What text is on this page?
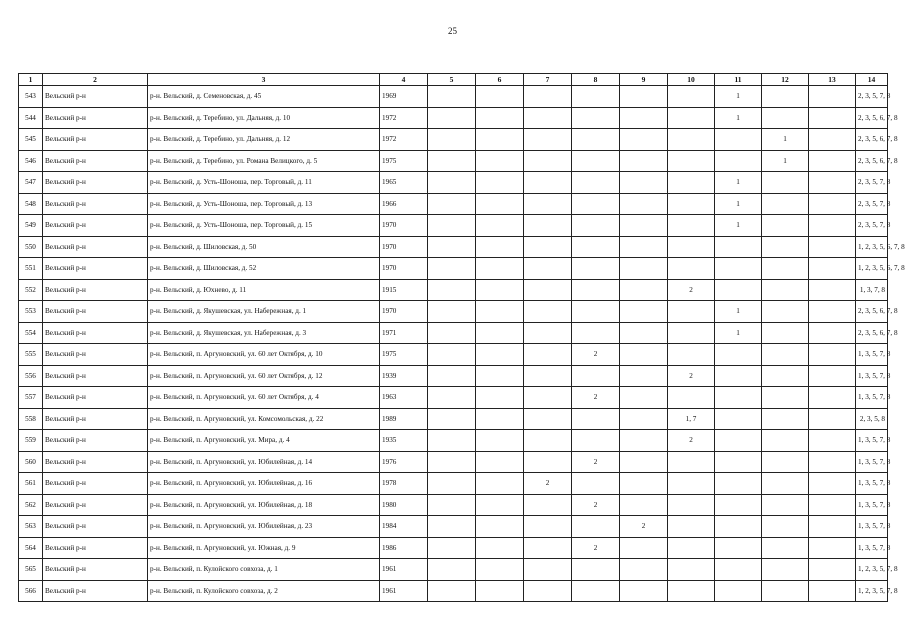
25
1	2	3	4	5	6	7	8	9	10	11	12	13	14
543	Вельский р-н	р-н. Вельский, д. Семеновская, д. 45	1969							1			2, 3, 5, 7, 8
544	Вельский р-н	р-н. Вельский, д. Теребино, ул. Дальняя, д. 10	1972							1			2, 3, 5, 6, 7, 8
545	Вельский р-н	р-н. Вельский, д. Теребино, ул. Дальняя, д. 12	1972								1		2, 3, 5, 6, 7, 8
546	Вельский р-н	р-н. Вельский, д. Теребино, ул. Романа Велицкого, д. 5	1975								1		2, 3, 5, 6, 7, 8
547	Вельский р-н	р-н. Вельский, д. Усть-Шоноша, пер. Торговый, д. 11	1965							1			2, 3, 5, 7, 8
548	Вельский р-н	р-н. Вельский, д. Усть-Шоноша, пер. Торговый, д. 13	1966							1			2, 3, 5, 7, 8
549	Вельский р-н	р-н. Вельский, д. Усть-Шоноша, пер. Торговый, д. 15	1970							1			2, 3, 5, 7, 8
550	Вельский р-н	р-н. Вельский, д. Шиловская, д. 50	1970										1, 2, 3, 5, 6, 7, 8
551	Вельский р-н	р-н. Вельский, д. Шиловская, д. 52	1970										1, 2, 3, 5, 6, 7, 8
552	Вельский р-н	р-н. Вельский, д. Юхнево, д. 11	1915						2				1, 3, 7, 8
553	Вельский р-н	р-н. Вельский, д. Якушевская, ул. Набережная, д. 1	1970							1			2, 3, 5, 6, 7, 8
554	Вельский р-н	р-н. Вельский, д. Якушевская, ул. Набережная, д. 3	1971							1			2, 3, 5, 6, 7, 8
555	Вельский р-н	р-н. Вельский, п. Аргуновский, ул. 60 лет Октября, д. 10	1975				2						1, 3, 5, 7, 8
556	Вельский р-н	р-н. Вельский, п. Аргуновский, ул. 60 лет Октября, д. 12	1939						2				1, 3, 5, 7, 8
557	Вельский р-н	р-н. Вельский, п. Аргуновский, ул. 60 лет Октября, д. 4	1963				2						1, 3, 5, 7, 8
558	Вельский р-н	р-н. Вельский, п. Аргуновский, ул. Комсомольская, д. 22	1989						1, 7				2, 3, 5, 8
559	Вельский р-н	р-н. Вельский, п. Аргуновский, ул. Мира, д. 4	1935						2				1, 3, 5, 7, 8
560	Вельский р-н	р-н. Вельский, п. Аргуновский, ул. Юбилейная, д. 14	1976				2						1, 3, 5, 7, 8
561	Вельский р-н	р-н. Вельский, п. Аргуновский, ул. Юбилейная, д. 16	1978			2							1, 3, 5, 7, 8
562	Вельский р-н	р-н. Вельский, п. Аргуновский, ул. Юбилейная, д. 18	1980				2						1, 3, 5, 7, 8
563	Вельский р-н	р-н. Вельский, п. Аргуновский, ул. Юбилейная, д. 23	1984					2					1, 3, 5, 7, 8
564	Вельский р-н	р-н. Вельский, п. Аргуновский, ул. Южная, д. 9	1986				2						1, 3, 5, 7, 8
565	Вельский р-н	р-н. Вельский, п. Кулойского совхоза, д. 1	1961										1, 2, 3, 5, 7, 8
566	Вельский р-н	р-н. Вельский, п. Кулойского совхоза, д. 2	1961										1, 2, 3, 5, 7, 8
